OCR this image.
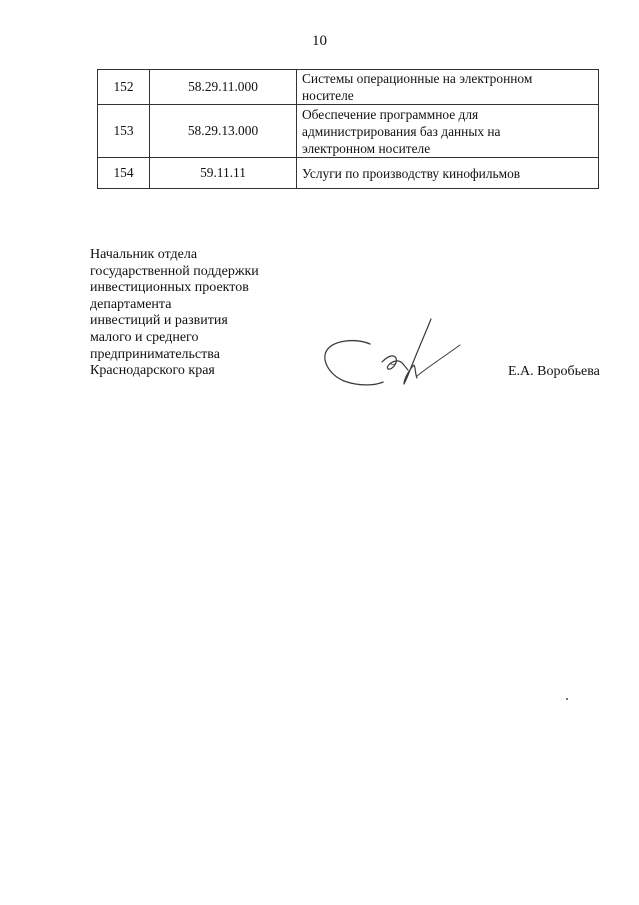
10
152	58.29.11.000	Системы операционные на электронном
носителе

153	58.29.13.000	Обеспечение программное для
администрирования баз данных на
электронном носителе

154	59.11.11	Услуги по производству кинофильмов
Начальник отдела
государственной поддержки
инвестиционных проектов
департамента
инвестиций и развития
малого и среднего
предпринимательства
Краснодарского края	Е.А. Воробьева
